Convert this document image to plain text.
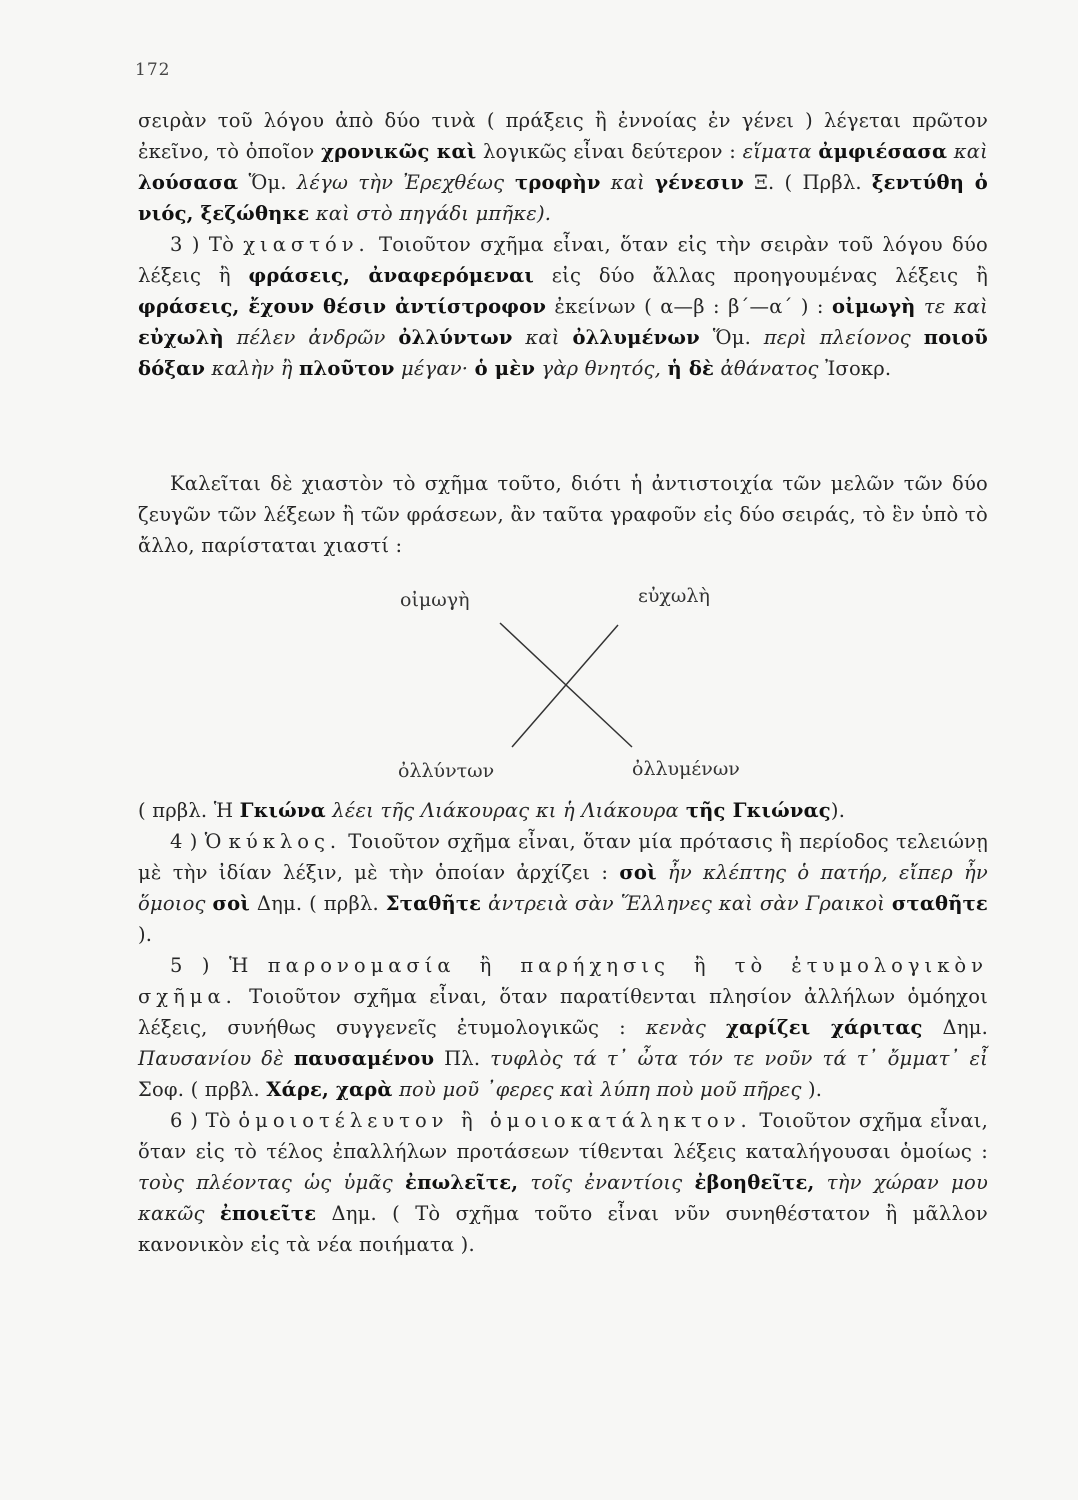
172

σειρὰν τοῦ λόγου ἀπὸ δύο τινὰ ( πράξεις ἢ ἐννοίας ἐν γένει ) λέγεται πρῶτον ἐκεῖνο, τὸ ὁποῖον χρονικῶς καὶ λογικῶς εἶναι δεύτερον : εἵματα ἀμφιέσασα καὶ λούσασα Ὅμ. λέγω τὴν Ἐρεχθέως τροφὴν καὶ γένεσιν Ξ. ( Πρβλ. ξεντύθη ὁ νιός, ξεζώθηκε καὶ στὸ πηγάδι μπῆκε).

3 ) Τὸ χιαστόν. Τοιοῦτον σχῆμα εἶναι, ὅταν εἰς τὴν σειρὰν τοῦ λόγου δύο λέξεις ἢ φράσεις, ἀναφερόμεναι εἰς δύο ἄλλας προηγουμένας λέξεις ἢ φράσεις, ἔχουν θέσιν ἀντίστροφον ἐκείνων ( α—β : β΄—α΄ ) : οἰμωγὴ τε καὶ εὐχωλὴ πέλεν ἀνδρῶν ὀλλύντων καὶ ὀλλυμένων Ὅμ. περὶ πλείονος ποιοῦ δόξαν καλὴν ἢ πλοῦτον μέγαν· ὁ μὲν γὰρ θνητός, ἡ δὲ ἀθάνατος Ἰσοκρ.

Καλεῖται δὲ χιαστὸν τὸ σχῆμα τοῦτο, διότι ἡ ἀντιστοιχία τῶν μελῶν τῶν δύο ζευγῶν τῶν λέξεων ἢ τῶν φράσεων, ἂν ταῦτα γραφοῦν εἰς δύο σειράς, τὸ ἓν ὑπὸ τὸ ἄλλο, παρίσταται χιαστί :

οἰμωγὴ	εὐχωλὴ
ὀλλύντων	ὀλλυμένων

( πρβλ. Ἡ Γκιώνα λέει τῆς Λιάκουρας κι ἡ Λιάκουρα τῆς Γκιώνας).

4 ) Ὁ κύκλος. Τοιοῦτον σχῆμα εἶναι, ὅταν μία πρότασις ἢ περίοδος τελειώνῃ μὲ τὴν ἰδίαν λέξιν, μὲ τὴν ὁποίαν ἀρχίζει : σοὶ ἦν κλέπτης ὁ πατήρ, εἴπερ ἦν ὅμοιος σοὶ Δημ. ( πρβλ. Σταθῆτε ἀντρειὰ σὰν Ἕλληνες καὶ σὰν Γραικοὶ σταθῆτε ).

5 ) Ἡ παρονομασία ἢ παρήχησις ἢ τὸ ἐτυμολογικὸν σχῆμα. Τοιοῦτον σχῆμα εἶναι, ὅταν παρατίθενται πλησίον ἀλλήλων ὁμόηχοι λέξεις, συνήθως συγγενεῖς ἐτυμολογικῶς : κενὰς χαρίζει χάριτας Δημ. Παυσανίου δὲ παυσαμένου Πλ. τυφλὸς τά τ᾽ ὦτα τόν τε νοῦν τά τ᾽ ὄμματ᾽ εἶ Σοφ. ( πρβλ. Χάρε, χαρὰ ποὺ μοῦ ᾿φερες καὶ λύπη ποὺ μοῦ πῆρες ).

6 ) Τὸ ὁμοιοτέλευτον ἢ ὁμοιοκατάληκτον. Τοιοῦτον σχῆμα εἶναι, ὅταν εἰς τὸ τέλος ἐπαλλήλων προτάσεων τίθενται λέξεις καταλήγουσαι ὁμοίως : τοὺς πλέοντας ὡς ὑμᾶς ἐπωλεῖτε, τοῖς ἐναντίοις ἐβοηθεῖτε, τὴν χώραν μου κακῶς ἐποιεῖτε Δημ. ( Τὸ σχῆμα τοῦτο εἶναι νῦν συνηθέστατον ἢ μᾶλλον κανονικὸν εἰς τὰ νέα ποιήματα ).
